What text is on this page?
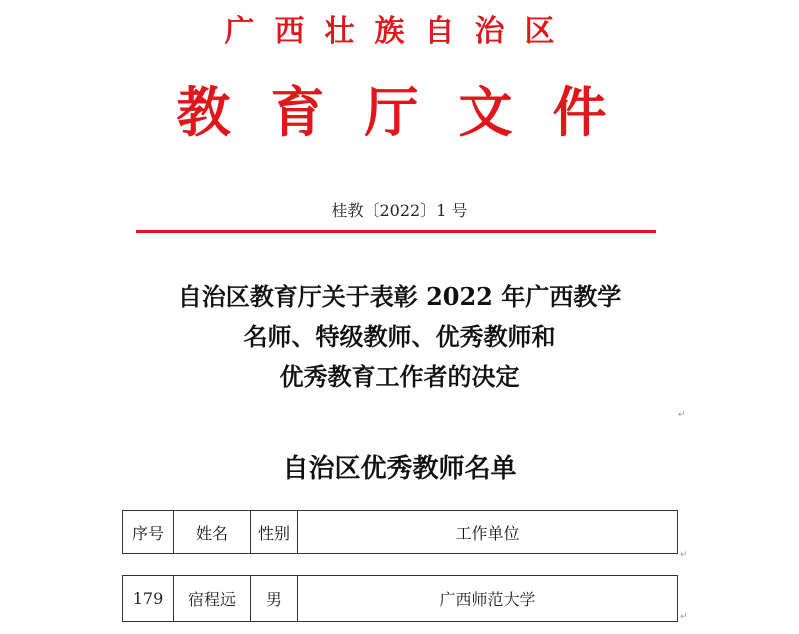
广西壮族自治区
教育厅文件
桂教〔2022〕1 号
自治区教育厅关于表彰 2022 年广西教学
名师、特级教师、优秀教师和
优秀教育工作者的决定
↵
自治区优秀教师名单
序号	姓名	性别	工作单位
↵
179	宿程远	男	广西师范大学
↵
